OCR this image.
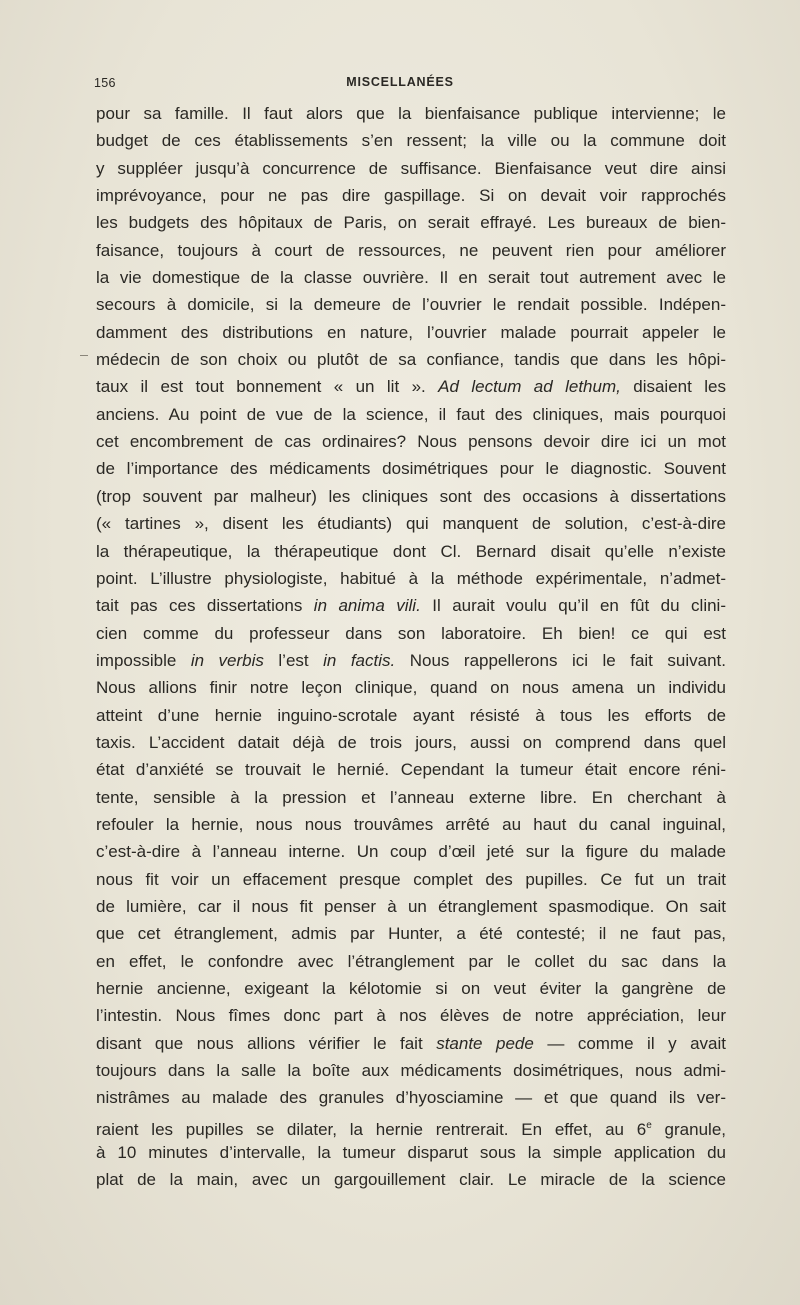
156	MISCELLANÉES
pour sa famille. Il faut alors que la bienfaisance publique intervienne; le
budget de ces établissements s’en ressent; la ville ou la commune doit
y suppléer jusqu’à concurrence de suffisance. Bienfaisance veut dire ainsi
imprévoyance, pour ne pas dire gaspillage. Si on devait voir rapprochés
les budgets des hôpitaux de Paris, on serait effrayé. Les bureaux de bien-
faisance, toujours à court de ressources, ne peuvent rien pour améliorer
la vie domestique de la classe ouvrière. Il en serait tout autrement avec le
secours à domicile, si la demeure de l’ouvrier le rendait possible. Indépen-
damment des distributions en nature, l’ouvrier malade pourrait appeler le
médecin de son choix ou plutôt de sa confiance, tandis que dans les hôpi-
taux il est tout bonnement « un lit ». Ad lectum ad lethum, disaient les
anciens. Au point de vue de la science, il faut des cliniques, mais pourquoi
cet encombrement de cas ordinaires? Nous pensons devoir dire ici un mot
de l’importance des médicaments dosimétriques pour le diagnostic. Souvent
(trop souvent par malheur) les cliniques sont des occasions à dissertations
(« tartines », disent les étudiants) qui manquent de solution, c’est-à-dire
la thérapeutique, la thérapeutique dont Cl. Bernard disait qu’elle n’existe
point. L’illustre physiologiste, habitué à la méthode expérimentale, n’admet-
tait pas ces dissertations in anima vili. Il aurait voulu qu’il en fût du clini-
cien comme du professeur dans son laboratoire. Eh bien! ce qui est
impossible in verbis l’est in factis. Nous rappellerons ici le fait suivant.
Nous allions finir notre leçon clinique, quand on nous amena un individu
atteint d’une hernie inguino-scrotale ayant résisté à tous les efforts de
taxis. L’accident datait déjà de trois jours, aussi on comprend dans quel
état d’anxiété se trouvait le hernié. Cependant la tumeur était encore réni-
tente, sensible à la pression et l’anneau externe libre. En cherchant à
refouler la hernie, nous nous trouvâmes arrêté au haut du canal inguinal,
c’est-à-dire à l’anneau interne. Un coup d’œil jeté sur la figure du malade
nous fit voir un effacement presque complet des pupilles. Ce fut un trait
de lumière, car il nous fit penser à un étranglement spasmodique. On sait
que cet étranglement, admis par Hunter, a été contesté; il ne faut pas,
en effet, le confondre avec l’étranglement par le collet du sac dans la
hernie ancienne, exigeant la kélotomie si on veut éviter la gangrène de
l’intestin. Nous fîmes donc part à nos élèves de notre appréciation, leur
disant que nous allions vérifier le fait stante pede — comme il y avait
toujours dans la salle la boîte aux médicaments dosimétriques, nous admi-
nistrâmes au malade des granules d’hyosciamine — et que quand ils ver-
raient les pupilles se dilater, la hernie rentrerait. En effet, au 6e granule,
à 10 minutes d’intervalle, la tumeur disparut sous la simple application du
plat de la main, avec un gargouillement clair. Le miracle de la science
